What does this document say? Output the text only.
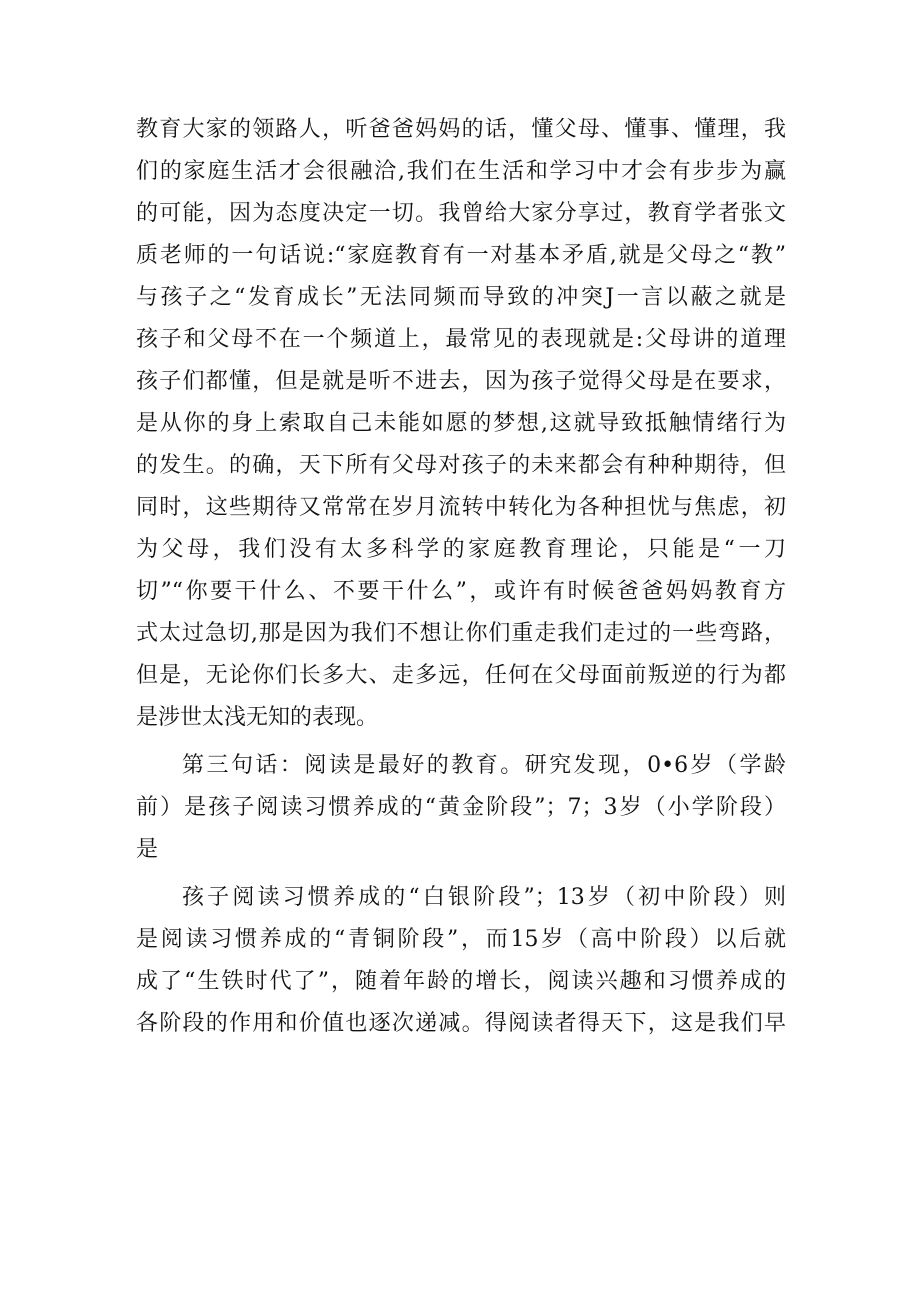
教育大家的领路人，听爸爸妈妈的话，懂父母、懂事、懂理，我
们的家庭生活才会很融洽,我们在生活和学习中才会有步步为赢
的可能，因为态度决定一切。我曾给大家分享过，教育学者张文
质老师的一句话说:“家庭教育有一对基本矛盾,就是父母之“教”
与孩子之“发育成长”无法同频而导致的冲突J一言以蔽之就是
孩子和父母不在一个频道上，最常见的表现就是:父母讲的道理
孩子们都懂，但是就是听不进去，因为孩子觉得父母是在要求，
是从你的身上索取自己未能如愿的梦想,这就导致抵触情绪行为
的发生。的确，天下所有父母对孩子的未来都会有种种期待，但
同时，这些期待又常常在岁月流转中转化为各种担忧与焦虑，初
为父母，我们没有太多科学的家庭教育理论，只能是“一刀
切”“你要干什么、不要干什么”，或许有时候爸爸妈妈教育方
式太过急切,那是因为我们不想让你们重走我们走过的一些弯路，
但是，无论你们长多大、走多远，任何在父母面前叛逆的行为都
是涉世太浅无知的表现。
第三句话：阅读是最好的教育。研究发现，0•6岁（学龄
前）是孩子阅读习惯养成的“黄金阶段”；7；3岁（小学阶段）
是
孩子阅读习惯养成的“白银阶段”；13岁（初中阶段）则
是阅读习惯养成的“青铜阶段”，而15岁（高中阶段）以后就
成了“生铁时代了”，随着年龄的增长，阅读兴趣和习惯养成的
各阶段的作用和价值也逐次递减。得阅读者得天下，这是我们早
